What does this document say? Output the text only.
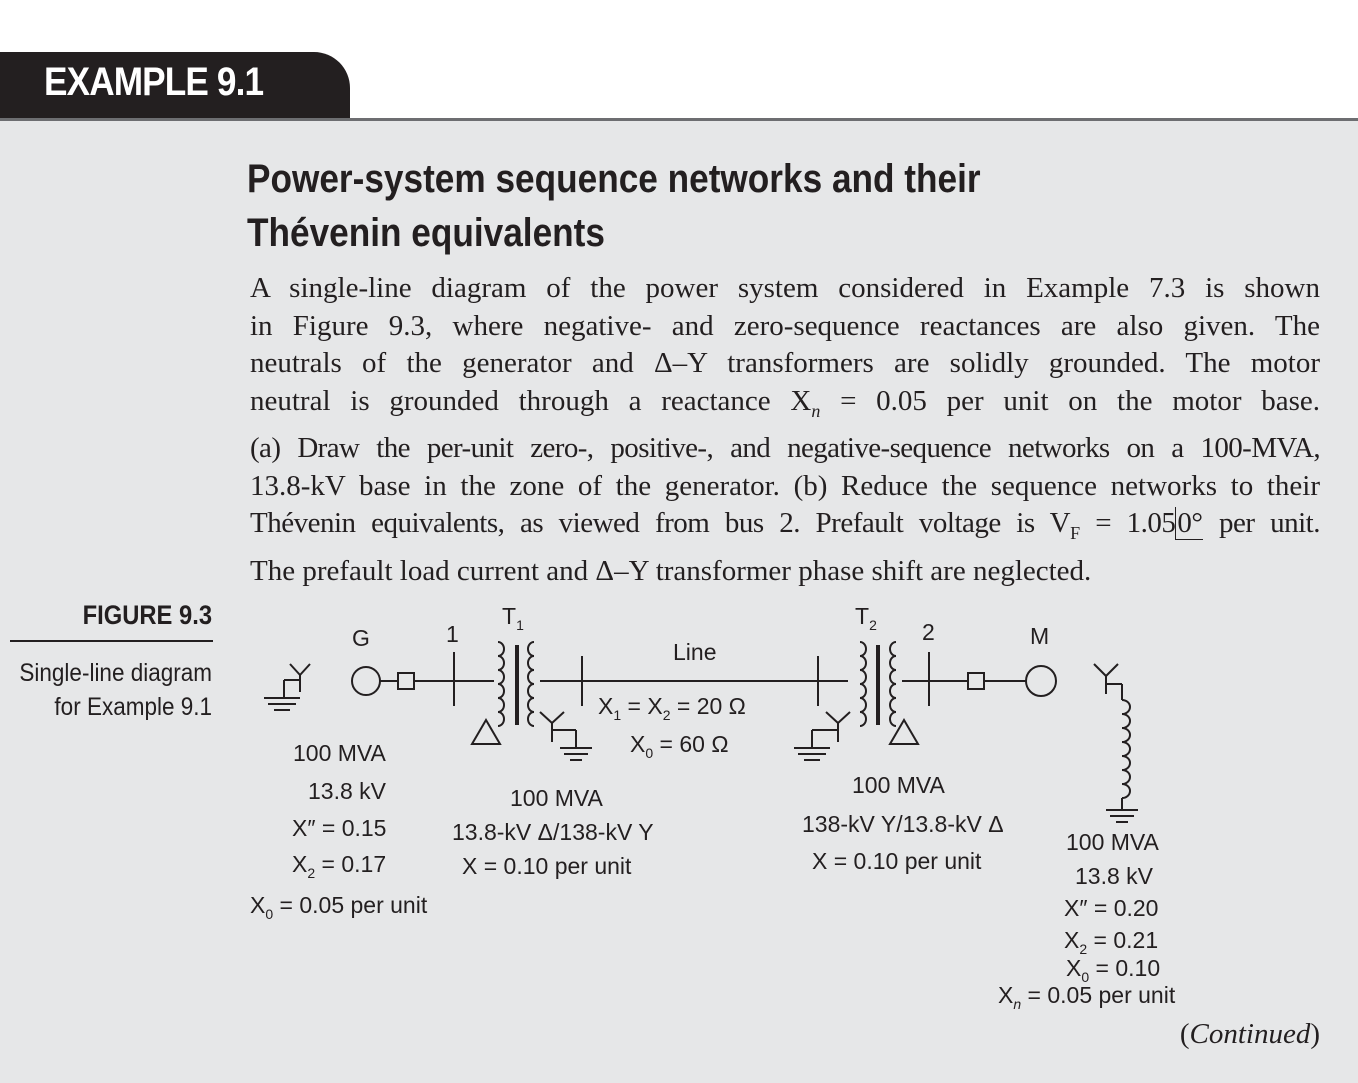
EXAMPLE 9.1
Power-system sequence networks and their
Thévenin equivalents
A single-line diagram of the power system considered in Example 7.3 is shown
in Figure 9.3, where negative- and zero-sequence reactances are also given. The
neutrals of the generator and Δ–Y transformers are solidly grounded. The motor
neutral is grounded through a reactance $X_n = 0.05$ per unit on the motor base.
(a) Draw the per-unit zero-, positive-, and negative-sequence networks on a 100-MVA,
13.8-kV base in the zone of the generator. (b) Reduce the sequence networks to their
Thévenin equivalents, as viewed from bus 2. Prefault voltage is $V_F = 1.050^\circ$ per unit.
The prefault load current and Δ–Y transformer phase shift are neglected.
FIGURE 9.3
Single-line diagram
for Example 9.1
G	1
$T_1$	$T_2$ 2	M
Line
$X_1 = X_2 = 20$ Ω
$X_0 = 60$ Ω
100 MVA
13.8 kV
X″ = 0.15
$X_2 = 0.17$
$X_0 = 0.05$ per unit
100 MVA
13.8-kV Δ/138-kV Y
X = 0.10 per unit
100 MVA
138-kV Y/13.8-kV Δ
X = 0.10 per unit
100 MVA
13.8 kV
X″ = 0.20
$X_2 = 0.21$
$X_0 = 0.10$
$X_n = 0.05$ per unit
(Continued)
